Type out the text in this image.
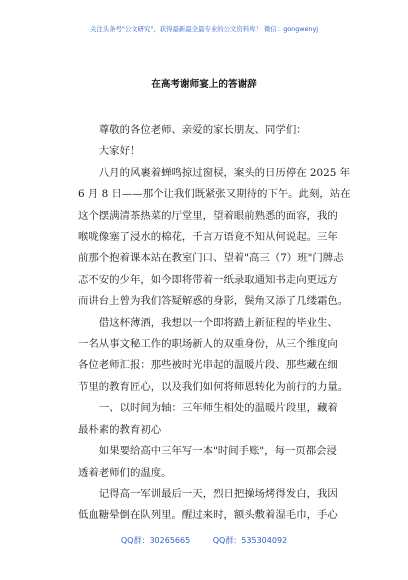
关注头条号"公文研究"，获得最新最全最专业的公文资料库！ 微信：gongwenyj
在高考谢师宴上的答谢辞
尊敬的各位老师、亲爱的家长朋友、同学们：
大家好！
八月的风裹着蝉鸣掠过窗棂，案头的日历停在 2025 年
6 月 8 日——那个让我们既紧张又期待的下午。此刻，站在
这个摆满清茶热菜的厅堂里，望着眼前熟悉的面容，我的
喉咙像塞了浸水的棉花，千言万语竟不知从何说起。三年
前那个抱着课本站在教室门口、望着"高三（7）班"门牌忐
忑不安的少年，如今即将带着一纸录取通知书走向更远方
而讲台上曾为我们答疑解惑的身影，鬓角又添了几缕霜色。
借这杯薄酒，我想以一个即将踏上新征程的毕业生、
一名从事文秘工作的职场新人的双重身份，从三个维度向
各位老师汇报：那些被时光串起的温暖片段、那些藏在细
节里的教育匠心，以及我们如何将师恩转化为前行的力量。
一、以时间为轴：三年师生相处的温暖片段里，藏着
最朴素的教育初心
如果要给高中三年写一本"时间手账"，每一页都会浸
透着老师们的温度。
记得高一军训最后一天，烈日把操场烤得发白，我因
低血糖晕倒在队列里。醒过来时，额头敷着湿毛巾，手心
QQ群：30265665	QQ群：535304092
